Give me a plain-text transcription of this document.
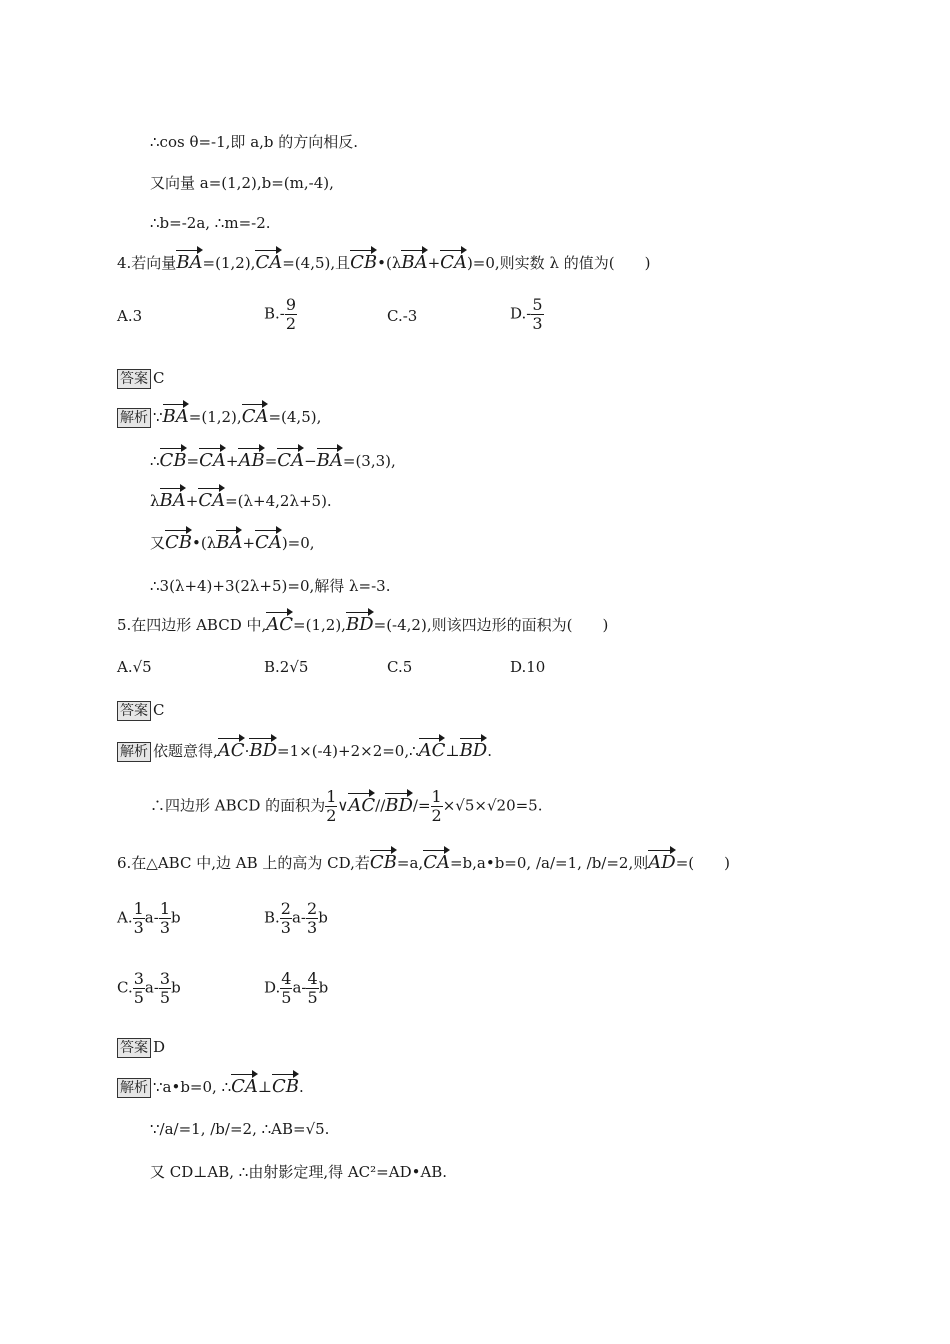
∴cos θ=-1,即 a,b 的方向相反.
又向量 a=(1,2),b=(m,-4),
∴b=-2a, ∴m=-2.
4.若向量BA=(1,2),CA=(4,5),且CB•(λBA+CA)=0,则实数 λ 的值为(　　)
A.3	$B.- \frac{9}{2}$	C.-3	$D.- \frac{5}{3}$
答案 C
解析 ∵BA=(1,2),CA=(4,5),
∴CB=CA+AB=CA−BA=(3,3),
λBA+CA=(λ+4,2λ+5).
又CB•(λBA+CA)=0,
∴3(λ+4)+3(2λ+5)=0,解得 λ=-3.
5.在四边形 ABCD 中,AC=(1,2),BD=(-4,2),则该四边形的面积为(　　)
A.√5	B.2√5	C.5	D.10
答案 C
解析 依题意得,AC·BD=1×(-4)+2×2=0,∴AC⊥BD.
∴四边形 ABCD 的面积为 $\frac{1}{2}$ ∨AC//BD/= $\frac{1}{2} \times√5\times√20=5$.
6.在△ABC 中,边 AB 上的高为 CD,若CB=a,CA=b,a•b=0, /a/=1, /b/=2,则AD=(　　)
A. $\frac{1}{3} a- \frac{1}{3}$ b	B. $\frac{2}{3} a- \frac{2}{3}$ b
C. $\frac{3}{5} a- \frac{3}{5}$ b	D. $\frac{4}{5} a- \frac{4}{5}$ b
答案 D
解析 ∵a•b=0, ∴CA⊥CB.
∵/a/=1, /b/=2, ∴AB=√5.
又 CD⊥AB, ∴由射影定理,得 AC²=AD•AB.
